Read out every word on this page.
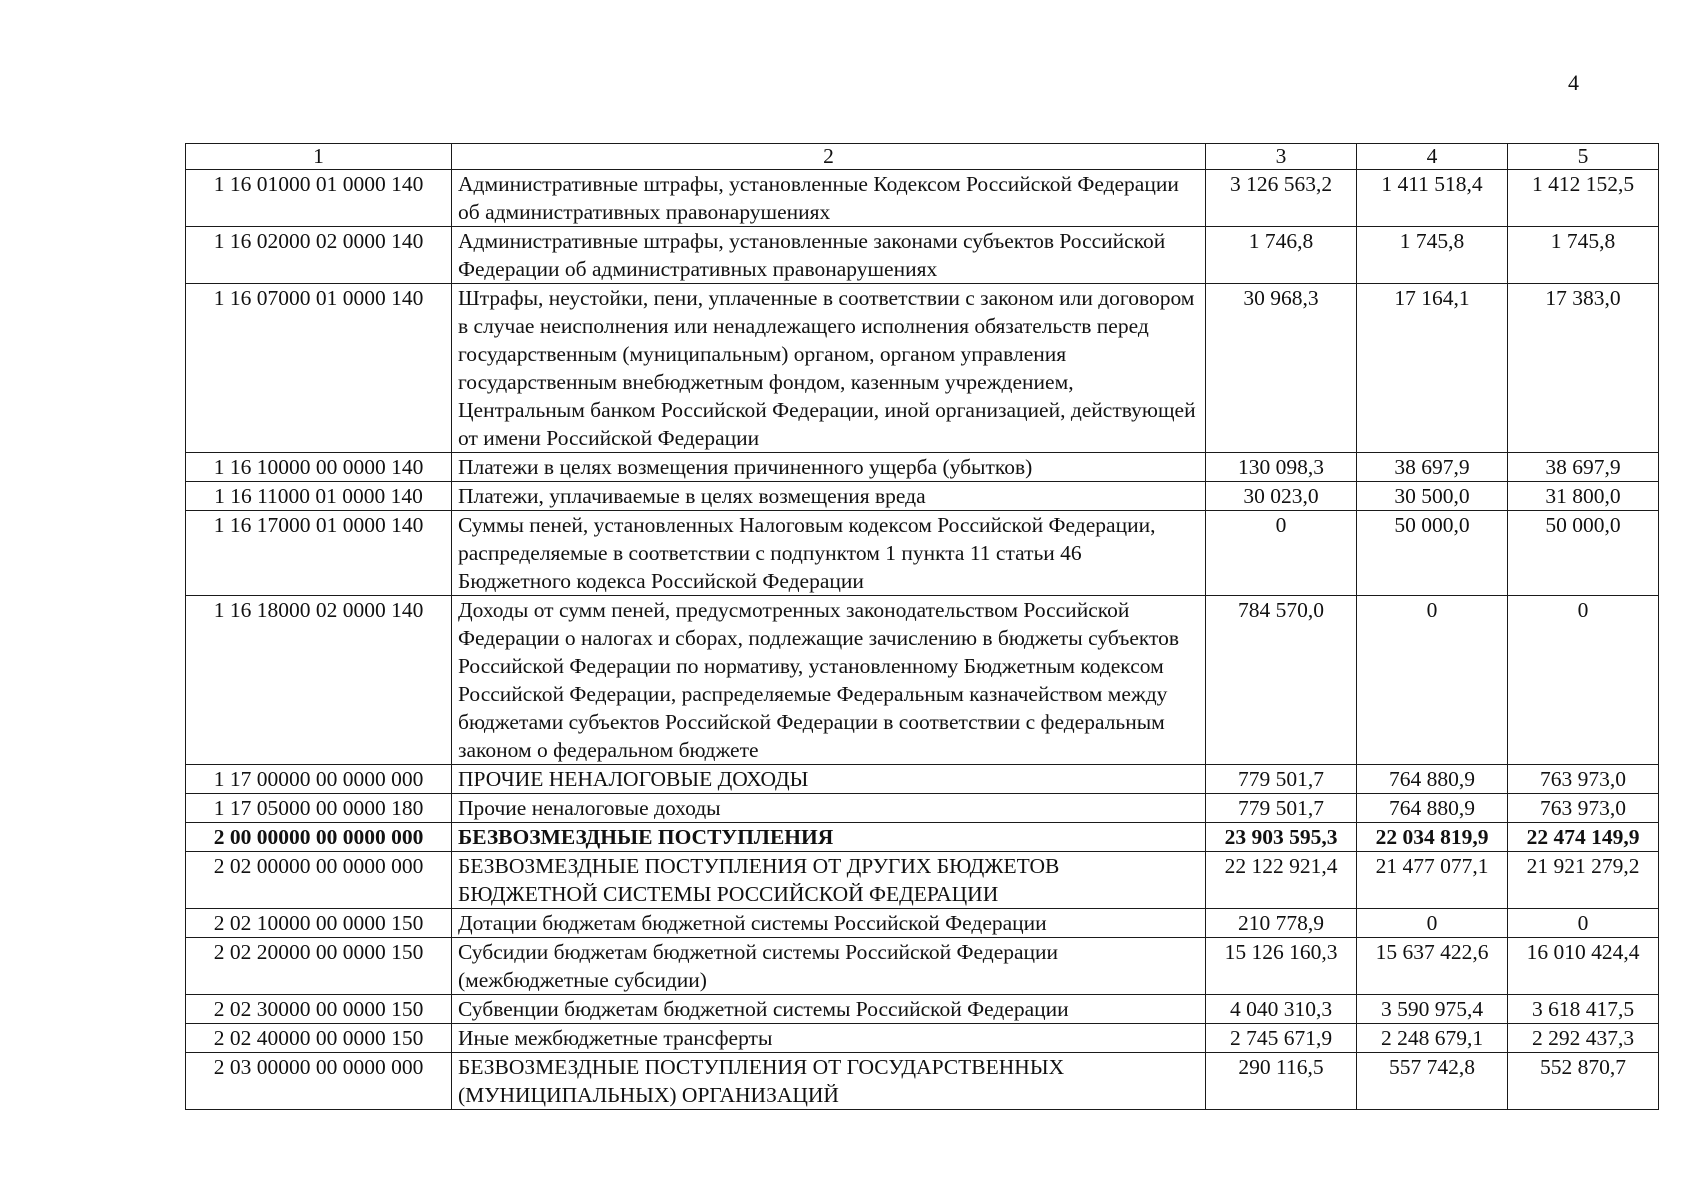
4
1	2	3	4	5
1 16 01000 01 0000 140	Административные штрафы, установленные Кодексом Российской Федерации об административных правонарушениях	3 126 563,2	1 411 518,4	1 412 152,5
1 16 02000 02 0000 140	Административные штрафы, установленные законами субъектов Российской Федерации об административных правонарушениях	1 746,8	1 745,8	1 745,8
1 16 07000 01 0000 140	Штрафы, неустойки, пени, уплаченные в соответствии с законом или договором в случае неисполнения или ненадлежащего исполнения обязательств перед государственным (муниципальным) органом, органом управления государственным внебюджетным фондом, казенным учреждением, Центральным банком Российской Федерации, иной организацией, действующей от имени Российской Федерации	30 968,3	17 164,1	17 383,0
1 16 10000 00 0000 140	Платежи в целях возмещения причиненного ущерба (убытков)	130 098,3	38 697,9	38 697,9
1 16 11000 01 0000 140	Платежи, уплачиваемые в целях возмещения вреда	30 023,0	30 500,0	31 800,0
1 16 17000 01 0000 140	Суммы пеней, установленных Налоговым кодексом Российской Федерации, распределяемые в соответствии с подпунктом 1 пункта 11 статьи 46 Бюджетного кодекса Российской Федерации	0	50 000,0	50 000,0
1 16 18000 02 0000 140	Доходы от сумм пеней, предусмотренных законодательством Российской Федерации о налогах и сборах, подлежащие зачислению в бюджеты субъектов Российской Федерации по нормативу, установленному Бюджетным кодексом Российской Федерации, распределяемые Федеральным казначейством между бюджетами субъектов Российской Федерации в соответствии с федеральным законом о федеральном бюджете	784 570,0	0	0
1 17 00000 00 0000 000	ПРОЧИЕ НЕНАЛОГОВЫЕ ДОХОДЫ	779 501,7	764 880,9	763 973,0
1 17 05000 00 0000 180	Прочие неналоговые доходы	779 501,7	764 880,9	763 973,0
2 00 00000 00 0000 000	БЕЗВОЗМЕЗДНЫЕ ПОСТУПЛЕНИЯ	23 903 595,3	22 034 819,9	22 474 149,9
2 02 00000 00 0000 000	БЕЗВОЗМЕЗДНЫЕ ПОСТУПЛЕНИЯ ОТ ДРУГИХ БЮДЖЕТОВ БЮДЖЕТНОЙ СИСТЕМЫ РОССИЙСКОЙ ФЕДЕРАЦИИ	22 122 921,4	21 477 077,1	21 921 279,2
2 02 10000 00 0000 150	Дотации бюджетам бюджетной системы Российской Федерации	210 778,9	0	0
2 02 20000 00 0000 150	Субсидии бюджетам бюджетной системы Российской Федерации (межбюджетные субсидии)	15 126 160,3	15 637 422,6	16 010 424,4
2 02 30000 00 0000 150	Субвенции бюджетам бюджетной системы Российской Федерации	4 040 310,3	3 590 975,4	3 618 417,5
2 02 40000 00 0000 150	Иные межбюджетные трансферты	2 745 671,9	2 248 679,1	2 292 437,3
2 03 00000 00 0000 000	БЕЗВОЗМЕЗДНЫЕ ПОСТУПЛЕНИЯ ОТ ГОСУДАРСТВЕННЫХ (МУНИЦИПАЛЬНЫХ) ОРГАНИЗАЦИЙ	290 116,5	557 742,8	552 870,7
